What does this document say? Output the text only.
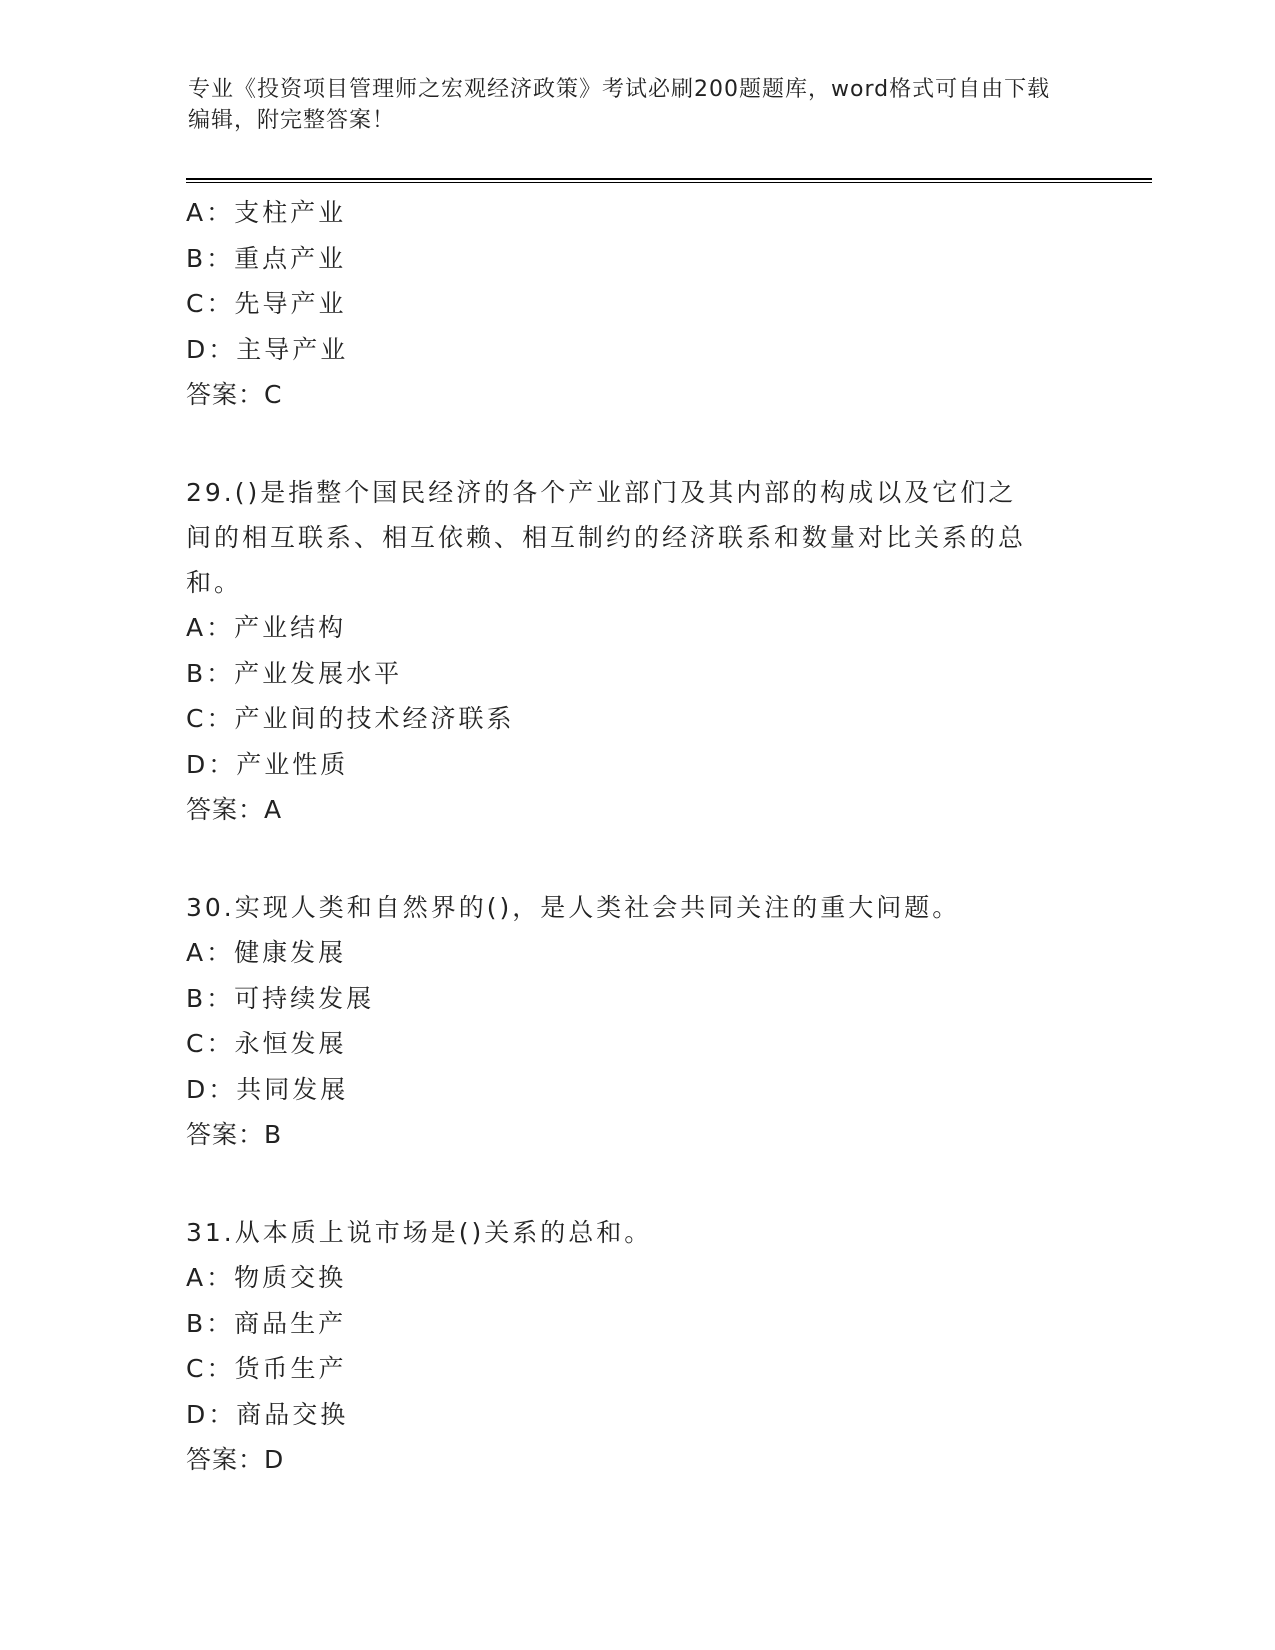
专业《投资项目管理师之宏观经济政策》考试必刷200题题库，word格式可自由下载编辑，附完整答案！

A：支柱产业

B：重点产业

C：先导产业

D：主导产业

答案：C

29.()是指整个国民经济的各个产业部门及其内部的构成以及它们之间的相互联系、相互依赖、相互制约的经济联系和数量对比关系的总和。

A：产业结构

B：产业发展水平

C：产业间的技术经济联系

D：产业性质

答案：A

30.实现人类和自然界的()，是人类社会共同关注的重大问题。

A：健康发展

B：可持续发展

C：永恒发展

D：共同发展

答案：B

31.从本质上说市场是()关系的总和。

A：物质交换

B：商品生产

C：货币生产

D：商品交换

答案：D
